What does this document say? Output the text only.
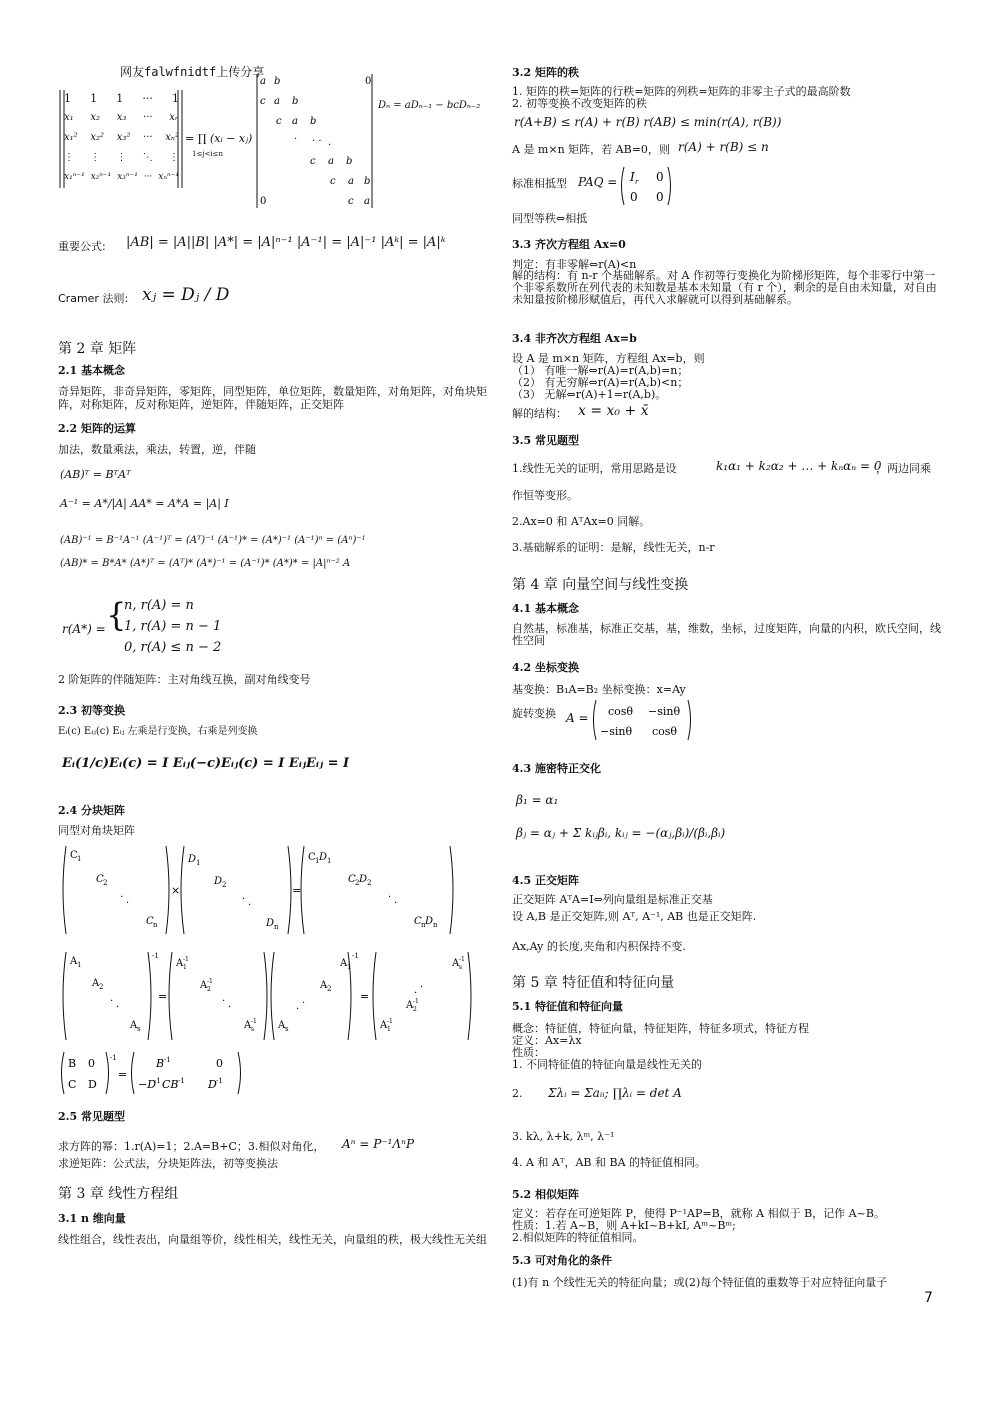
网友falwfnidtf上传分享
1 1 1 ··· 1
x₁ x₂ x₃ ··· xₙ
x₁² x₂² x₃² ··· xₙ²
⋮ ⋮ ⋮ ⋱ ⋮
x₁ⁿ⁻¹ x₂ⁿ⁻¹ x₃ⁿ⁻¹ ··· xₙⁿ⁻¹
= ∏ (xᵢ − xⱼ)
1≤j<i≤n
a b	0
c a b
c a b
· · · ·
c a b
c a b
0	c a
Dₙ = aDₙ₋₁ − bcDₙ₋₂
重要公式: |AB| = |A||B| |A*| = |A|ⁿ⁻¹ |A⁻¹| = |A|⁻¹ |Aᵏ| = |A|ᵏ
Cramer 法则: xⱼ = Dⱼ / D
第 2 章 矩阵
2.1 基本概念
奇异矩阵，非奇异矩阵，零矩阵，同型矩阵，单位矩阵，数量矩阵，对角矩阵，对角块矩阵，对称矩阵，反对称矩阵，逆矩阵，伴随矩阵，正交矩阵
2.2 矩阵的运算
加法，数量乘法，乘法，转置，逆，伴随
(AB)ᵀ = BᵀAᵀ
A⁻¹ = A*/|A| AA* = A*A = |A| I
(AB)⁻¹ = B⁻¹A⁻¹ (A⁻¹)ᵀ = (Aᵀ)⁻¹ (A⁻¹)* = (A*)⁻¹ (A⁻¹)ⁿ = (Aⁿ)⁻¹
(AB)* = B*A* (A*)ᵀ = (Aᵀ)* (A*)⁻¹ = (A⁻¹)* (A*)* = |A|ⁿ⁻² A
r(A*) = {
n, r(A) = n
1, r(A) = n − 1
0, r(A) ≤ n − 2
2 阶矩阵的伴随矩阵：主对角线互换，副对角线变号
2.3 初等变换
Eᵢ(c) Eᵢⱼ(c) Eᵢⱼ 左乘是行变换，右乘是列变换
Eᵢ(1/c)Eᵢ(c) = I Eᵢⱼ(−c)Eᵢⱼ(c) = I EᵢⱼEᵢⱼ = I
2.4 分块矩阵
同型对角块矩阵
C 1
C 2
·
·
C n
×
D 1
D 2
·
·
D n
=
C 1 D 1
C 2 D 2
·
·
C n D n
-1
A 1
A 2
·
·
A s
=
A -1
1
A -1
2
·
·
A -1
s
-1
A 1
A 2
·
·
A s
=
A -1
s
·
·
A -1
2
A -1
1
-1
B 0
C D
=
B -1	0
−D
-1 CB -1 D -1
2.5 常见题型
求方阵的幂：1.r(A)=1；2.A=B+C；3.相似对角化， Aⁿ = P⁻¹ΛⁿP
求逆矩阵：公式法，分块矩阵法，初等变换法
第 3 章 线性方程组
3.1 n 维向量
线性组合，线性表出，向量组等价，线性相关，线性无关，向量组的秩，极大线性无关组
3.2 矩阵的秩
1. 矩阵的秩=矩阵的行秩=矩阵的列秩=矩阵的非零主子式的最高阶数
2. 初等变换不改变矩阵的秩
r(A+B) ≤ r(A) + r(B) r(AB) ≤ min(r(A), r(B))
A 是 m×n 矩阵，若 AB=0，则 r(A) + r(B) ≤ n
标准相抵型 PAQ = I r 0
0 0
同型等秩⇔相抵
3.3 齐次方程组 Ax=0
判定：有非零解⇔r(A)<n
解的结构：有 n-r 个基础解系。对 A 作初等行变换化为阶梯形矩阵，每个非零行中第一个非零系数所在列代表的未知数是基本未知量（有 r 个），剩余的是自由未知量，对自由未知量按阶梯形赋值后，再代入求解就可以得到基础解系。
3.4 非齐次方程组 Ax=b
设 A 是 m×n 矩阵，方程组 Ax=b，则
（1） 有唯一解⇔r(A)=r(A,b)=n；
（2） 有无穷解⇔r(A)=r(A,b)<n；
（3） 无解⇔r(A)+1=r(A,b)。
解的结构： x = x₀ + x̄
3.5 常见题型
1.线性无关的证明，常用思路是设	k₁α₁ + k₂α₂ + … + kₙαₙ = 0
，两边同乘
作恒等变形。
2.Ax=0 和 AᵀAx=0 同解。
3.基础解系的证明：是解，线性无关，n-r
第 4 章 向量空间与线性变换
4.1 基本概念
自然基，标准基，标准正交基，基，维数，坐标，过度矩阵，向量的内积，欧氏空间，线性空间
4.2 坐标变换
基变换：B₁A=B₂ 坐标变换：x=Ay
旋转变换 A = cosθ −sinθ
−sinθ cosθ
4.3 施密特正交化
β₁ = α₁
βⱼ = αⱼ + Σ kᵢⱼβᵢ, kᵢⱼ = −(αⱼ,βᵢ)/(βᵢ,βᵢ)
4.5 正交矩阵
正交矩阵 AᵀA=I⇔列向量组是标准正交基
设 A,B 是正交矩阵,则 Aᵀ, A⁻¹, AB 也是正交矩阵.
Ax,Ay 的长度,夹角和内积保持不变.
第 5 章 特征值和特征向量
5.1 特征值和特征向量
概念：特征值，特征向量，特征矩阵，特征多项式，特征方程
定义：Ax=λx
性质：
1. 不同特征值的特征向量是线性无关的
2. Σλᵢ = Σaᵢᵢ; ∏λᵢ = det A
3. kλ, λ+k, λᵐ, λ⁻¹
4. A 和 Aᵀ，AB 和 BA 的特征值相同。
5.2 相似矩阵
定义：若存在可逆矩阵 P，使得 P⁻¹AP=B，就称 A 相似于 B，记作 A~B。
性质：1.若 A~B，则 A+kI~B+kI, Aᵐ~Bᵐ;
2.相似矩阵的特征值相同。
5.3 可对角化的条件
(1)有 n 个线性无关的特征向量；或(2)每个特征值的重数等于对应特征向量子
7
